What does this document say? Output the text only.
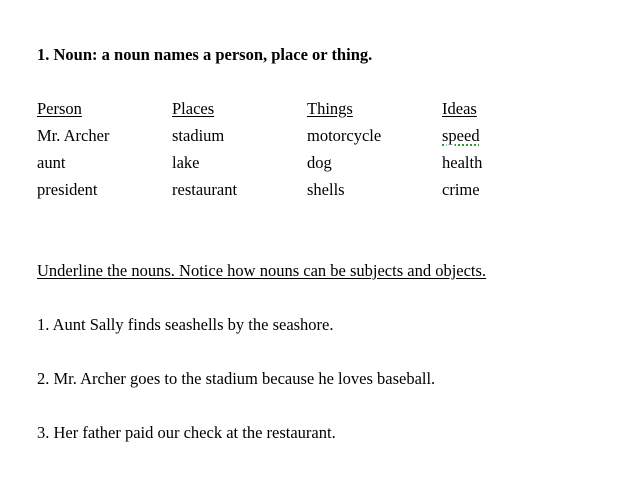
1. Noun: a noun names a person, place or thing.
Person	Places	Things	Ideas
Mr. Archer	stadium	motorcycle	speed
aunt	lake	dog	health
president	restaurant	shells	crime
Underline the nouns. Notice how nouns can be subjects and objects.
1. Aunt Sally finds seashells by the seashore.
2. Mr. Archer goes to the stadium because he loves baseball.
3. Her father paid our check at the restaurant.
